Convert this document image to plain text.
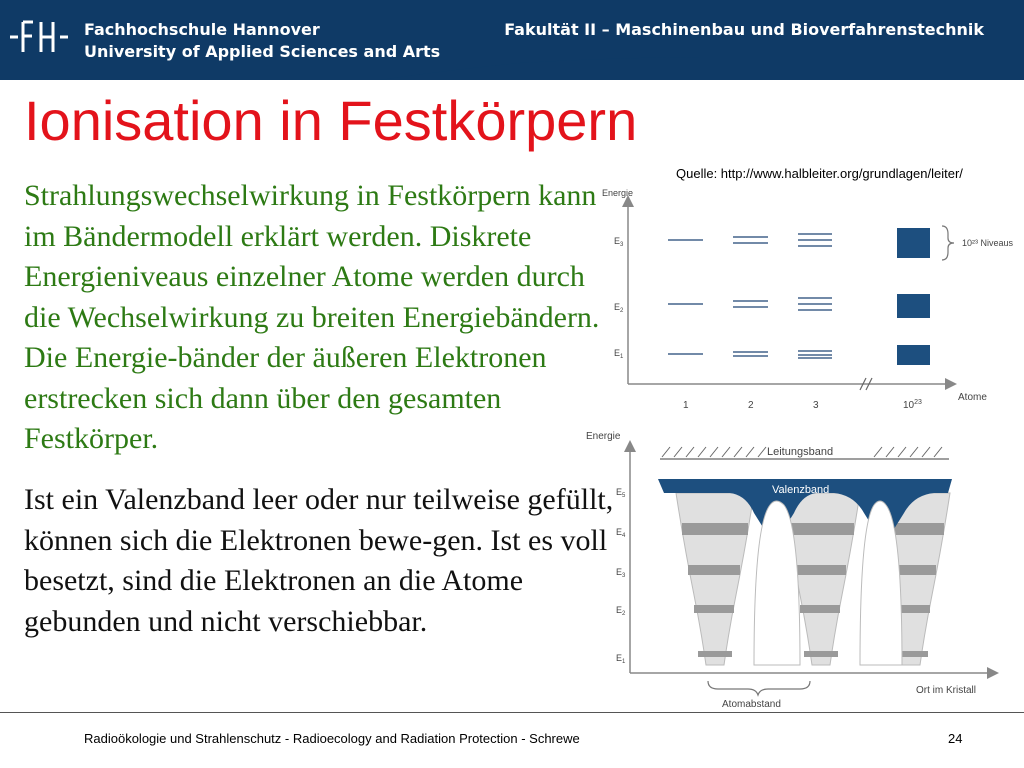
Fachhochschule Hannover
University of Applied Sciences and Arts
Fakultät II – Maschinenbau und Bioverfahrenstechnik
Ionisation in Festkörpern
Strahlungswechselwirkung in Festkörpern kann im Bändermodell erklärt werden. Diskrete Energieniveaus einzelner Atome werden durch die Wechselwirkung zu breiten Energiebändern. Die Energie-bänder der äußeren Elektronen erstrecken sich dann über den gesamten Festkörper.
Ist ein Valenzband leer oder nur teilweise gefüllt, können sich die Elektronen bewe-gen. Ist es voll besetzt, sind die Elektronen an die Atome gebunden und nicht verschiebbar.
Quelle: http://www.halbleiter.org/grundlagen/leiter/
Energie
$E_3$
$E_2$
$E_1$
10²³ Niveaus
1	2	3	$10^{23}$	Atome
Energie
Leitungsband
Valenzband
$E_5$
$E_4$
$E_3$
$E_2$
$E_1$
Atomabstand
Ort im Kristall
Radioökologie und Strahlenschutz - Radioecology and Radiation Protection - Schrewe	24
